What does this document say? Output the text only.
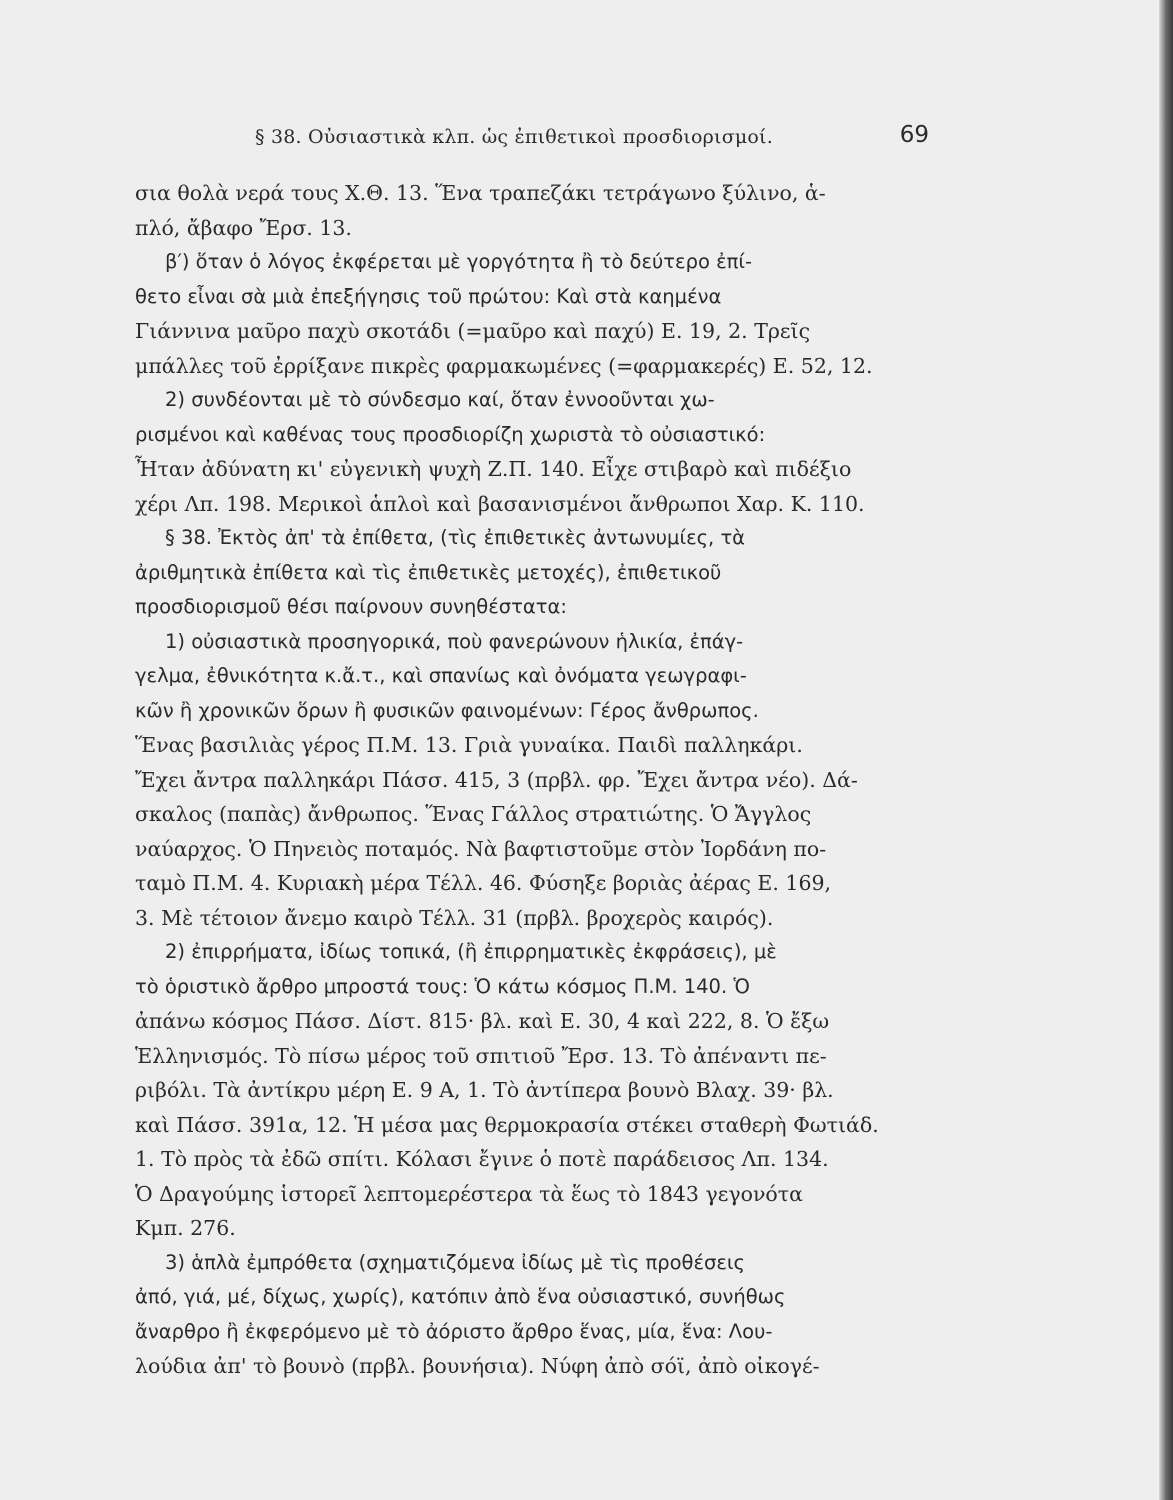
§ 38. Οὐσιαστικὰ κλπ. ὡς ἐπιθετικοὶ προσδιορισμοί.	69
σια θολὰ νερά τους Χ.Θ. 13. Ἕνα τραπεζάκι τετράγωνο ξύλινο, ἁ-
πλό, ἄβαφο Ἔρσ. 13.
β′) ὅταν ὁ λόγος ἐκφέρεται μὲ γοργότητα ἢ τὸ δεύτερο ἐπί-
θετο εἶναι σὰ μιὰ ἐπεξήγησις τοῦ πρώτου: Καὶ στὰ καημένα
Γιάννινα μαῦρο παχὺ σκοτάδι (=μαῦρο καὶ παχύ) Ε. 19, 2. Τρεῖς
μπάλλες τοῦ ἐρρίξανε πικρὲς φαρμακωμένες (=φαρμακερές) Ε. 52, 12.
2) συνδέονται μὲ τὸ σύνδεσμο καί, ὅταν ἐννοοῦνται χω-
ρισμένοι καὶ καθένας τους προσδιορίζη χωριστὰ τὸ οὐσιαστικό:
Ἦταν ἀδύνατη κι' εὐγενικὴ ψυχὴ Ζ.Π. 140. Εἶχε στιβαρὸ καὶ πιδέξιο
χέρι Λπ. 198. Μερικοὶ ἁπλοὶ καὶ βασανισμένοι ἄνθρωποι Χαρ. Κ. 110.
§ 38. Ἐκτὸς ἀπ' τὰ ἐπίθετα, (τὶς ἐπιθετικὲς ἀντωνυμίες, τὰ
ἀριθμητικὰ ἐπίθετα καὶ τὶς ἐπιθετικὲς μετοχές), ἐπιθετικοῦ
προσδιορισμοῦ θέσι παίρνουν συνηθέστατα:
1) οὐσιαστικὰ προσηγορικά, ποὺ φανερώνουν ἡλικία, ἐπάγ-
γελμα, ἐθνικότητα κ.ἄ.τ., καὶ σπανίως καὶ ὀνόματα γεωγραφι-
κῶν ἢ χρονικῶν ὅρων ἢ φυσικῶν φαινομένων: Γέρος ἄνθρωπος.
Ἕνας βασιλιὰς γέρος Π.Μ. 13. Γριὰ γυναίκα. Παιδὶ παλληκάρι.
Ἔχει ἄντρα παλληκάρι Πάσσ. 415, 3 (πρβλ. φρ. Ἔχει ἄντρα νέο). Δά-
σκαλος (παπὰς) ἄνθρωπος. Ἕνας Γάλλος στρατιώτης. Ὁ Ἄγγλος
ναύαρχος. Ὁ Πηνειὸς ποταμός. Νὰ βαφτιστοῦμε στὸν Ἰορδάνη πο-
ταμὸ Π.Μ. 4. Κυριακὴ μέρα Τέλλ. 46. Φύσηξε βοριὰς ἀέρας Ε. 169,
3. Μὲ τέτοιον ἄνεμο καιρὸ Τέλλ. 31 (πρβλ. βροχερὸς καιρός).
2) ἐπιρρήματα, ἰδίως τοπικά, (ἢ ἐπιρρηματικὲς ἐκφράσεις), μὲ
τὸ ὁριστικὸ ἄρθρο μπροστά τους: Ὁ κάτω κόσμος Π.Μ. 140. Ὁ
ἀπάνω κόσμος Πάσσ. Δίστ. 815· βλ. καὶ Ε. 30, 4 καὶ 222, 8. Ὁ ἔξω
Ἑλληνισμός. Τὸ πίσω μέρος τοῦ σπιτιοῦ Ἔρσ. 13. Τὸ ἀπέναντι πε-
ριβόλι. Τὰ ἀντίκρυ μέρη Ε. 9 Α, 1. Τὸ ἀντίπερα βουνὸ Βλαχ. 39· βλ.
καὶ Πάσσ. 391α, 12. Ἡ μέσα μας θερμοκρασία στέκει σταθερὴ Φωτιάδ.
1. Τὸ πρὸς τὰ ἐδῶ σπίτι. Κόλασι ἔγινε ὁ ποτὲ παράδεισος Λπ. 134.
Ὁ Δραγούμης ἱστορεῖ λεπτομερέστερα τὰ ἕως τὸ 1843 γεγονότα
Κμπ. 276.
3) ἁπλὰ ἐμπρόθετα (σχηματιζόμενα ἰδίως μὲ τὶς προθέσεις
ἀπό, γιά, μέ, δίχως, χωρίς), κατόπιν ἀπὸ ἕνα οὐσιαστικό, συνήθως
ἄναρθρο ἢ ἐκφερόμενο μὲ τὸ ἀόριστο ἄρθρο ἕνας, μία, ἕνα: Λου-
λούδια ἀπ' τὸ βουνὸ (πρβλ. βουνήσια). Νύφη ἀπὸ σόϊ, ἀπὸ οἰκογέ-
